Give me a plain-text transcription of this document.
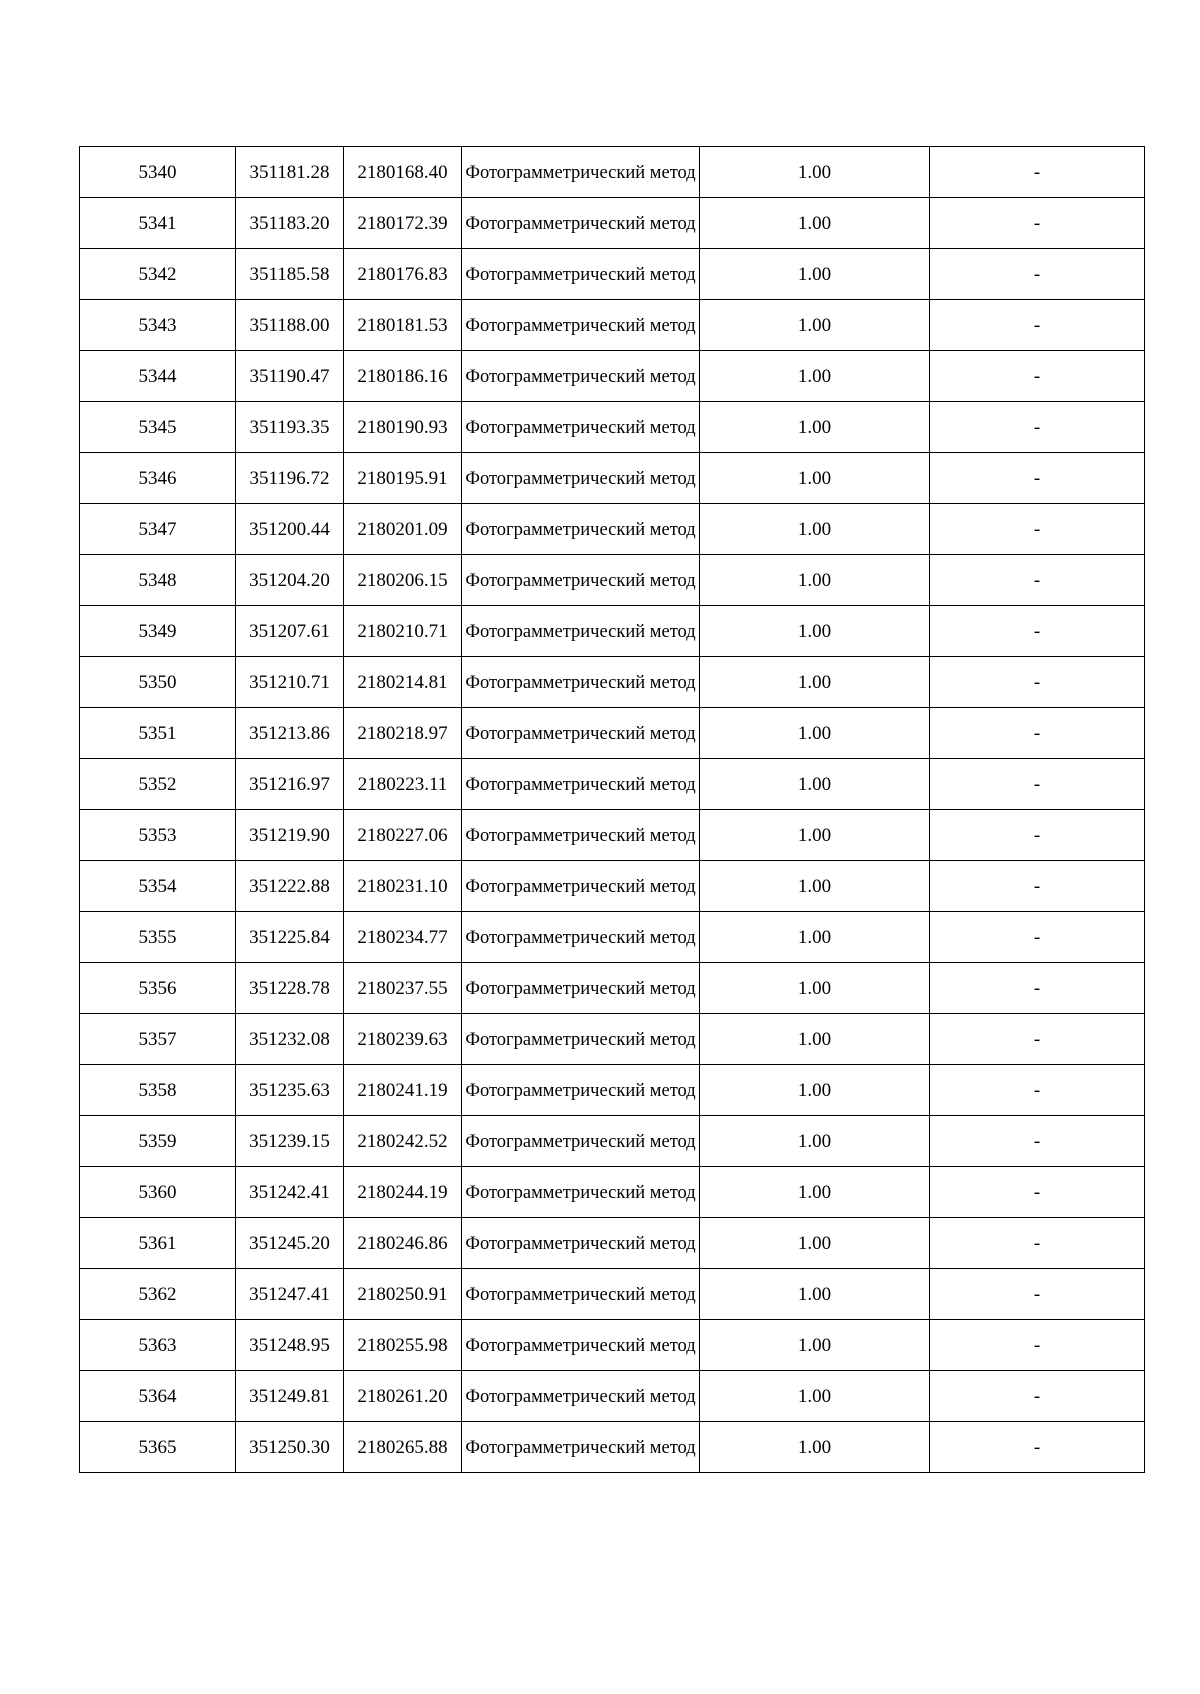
5340	351181.28	2180168.40	Фотограмметрический метод	1.00	-
5341	351183.20	2180172.39	Фотограмметрический метод	1.00	-
5342	351185.58	2180176.83	Фотограмметрический метод	1.00	-
5343	351188.00	2180181.53	Фотограмметрический метод	1.00	-
5344	351190.47	2180186.16	Фотограмметрический метод	1.00	-
5345	351193.35	2180190.93	Фотограмметрический метод	1.00	-
5346	351196.72	2180195.91	Фотограмметрический метод	1.00	-
5347	351200.44	2180201.09	Фотограмметрический метод	1.00	-
5348	351204.20	2180206.15	Фотограмметрический метод	1.00	-
5349	351207.61	2180210.71	Фотограмметрический метод	1.00	-
5350	351210.71	2180214.81	Фотограмметрический метод	1.00	-
5351	351213.86	2180218.97	Фотограмметрический метод	1.00	-
5352	351216.97	2180223.11	Фотограмметрический метод	1.00	-
5353	351219.90	2180227.06	Фотограмметрический метод	1.00	-
5354	351222.88	2180231.10	Фотограмметрический метод	1.00	-
5355	351225.84	2180234.77	Фотограмметрический метод	1.00	-
5356	351228.78	2180237.55	Фотограмметрический метод	1.00	-
5357	351232.08	2180239.63	Фотограмметрический метод	1.00	-
5358	351235.63	2180241.19	Фотограмметрический метод	1.00	-
5359	351239.15	2180242.52	Фотограмметрический метод	1.00	-
5360	351242.41	2180244.19	Фотограмметрический метод	1.00	-
5361	351245.20	2180246.86	Фотограмметрический метод	1.00	-
5362	351247.41	2180250.91	Фотограмметрический метод	1.00	-
5363	351248.95	2180255.98	Фотограмметрический метод	1.00	-
5364	351249.81	2180261.20	Фотограмметрический метод	1.00	-
5365	351250.30	2180265.88	Фотограмметрический метод	1.00	-
